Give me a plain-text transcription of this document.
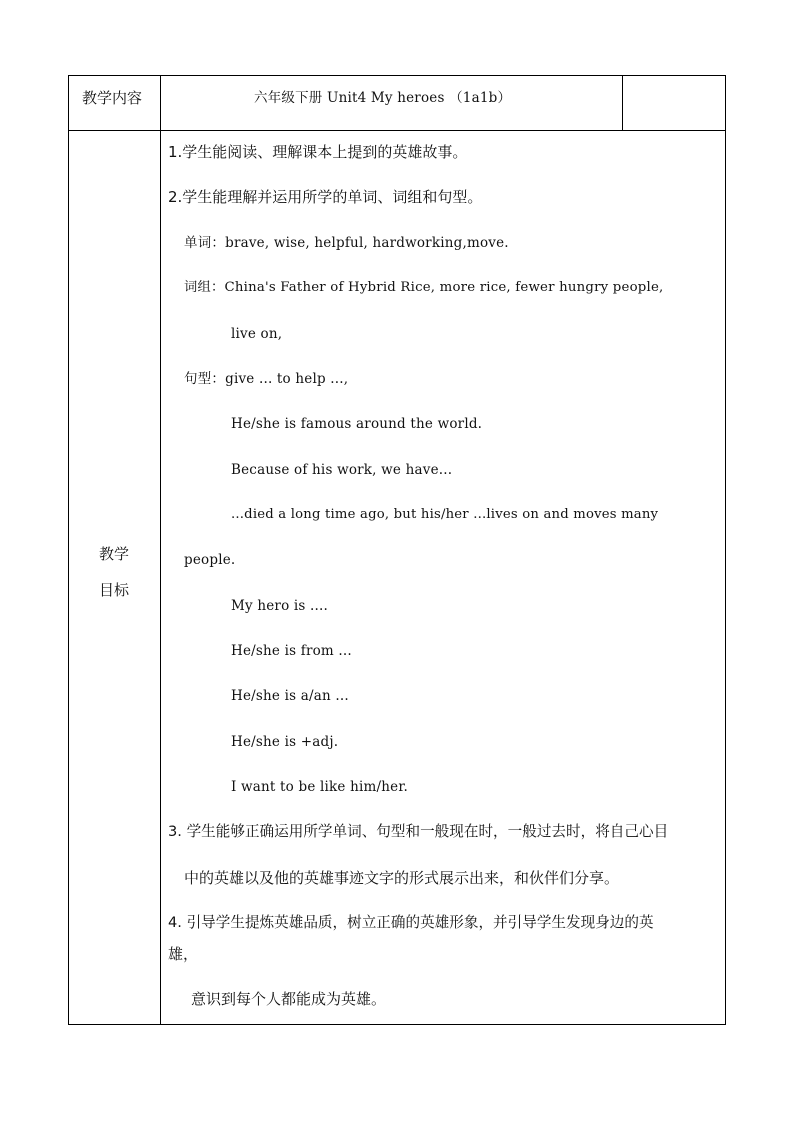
教学内容	六年级下册 Unit4 My heroes （1a1b）
教学
目标
1.学生能阅读、理解课本上提到的英雄故事。
2.学生能理解并运用所学的单词、词组和句型。
单词：brave, wise, helpful, hardworking,move.
词组：China's Father of Hybrid Rice, more rice, fewer hungry people,
live on,
句型：give ... to help ...,
He/she is famous around the world.
Because of his work, we have...
...died a long time ago, but his/her ...lives on and moves many
people.
My hero is ....
He/she is from ...
He/she is a/an ...
He/she is +adj.
I want to be like him/her.
3. 学生能够正确运用所学单词、句型和一般现在时，一般过去时，将自己心目
中的英雄以及他的英雄事迹文字的形式展示出来，和伙伴们分享。
4. 引导学生提炼英雄品质，树立正确的英雄形象，并引导学生发现身边的英
雄，
意识到每个人都能成为英雄。
